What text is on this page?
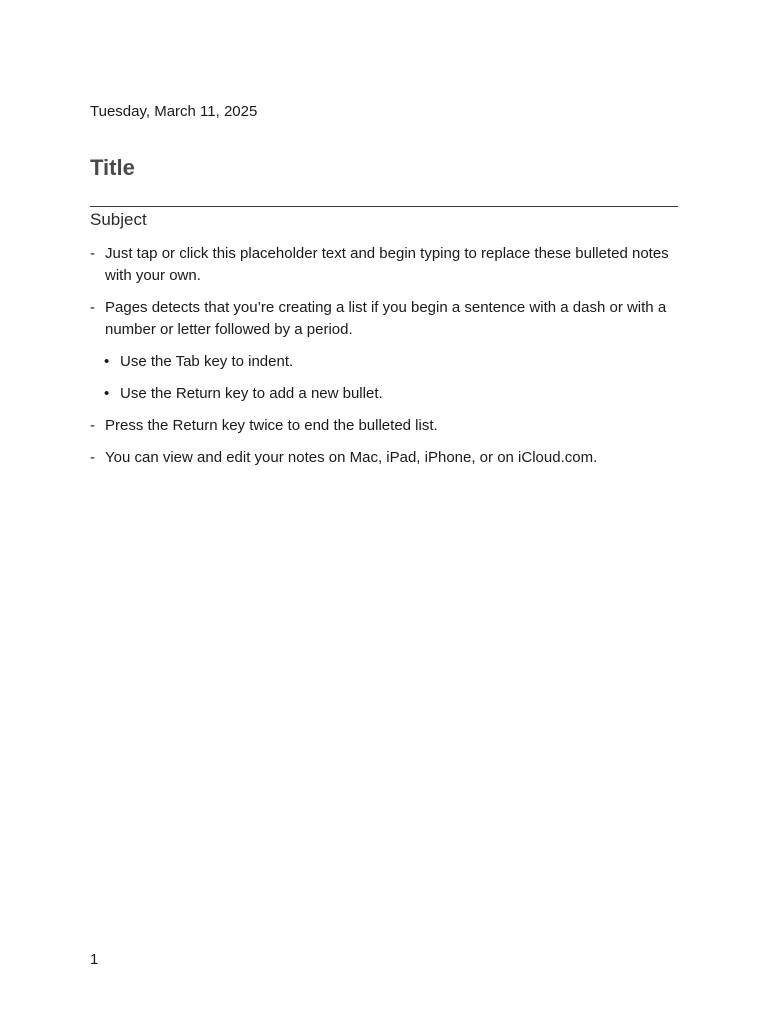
Tuesday, March 11, 2025
Title
Subject
- Just tap or click this placeholder text and begin typing to replace these bulleted notes with your own.
- Pages detects that you’re creating a list if you begin a sentence with a dash or with a number or letter followed by a period.
• Use the Tab key to indent.
• Use the Return key to add a new bullet.
- Press the Return key twice to end the bulleted list.
- You can view and edit your notes on Mac, iPad, iPhone, or on iCloud.com.
1
